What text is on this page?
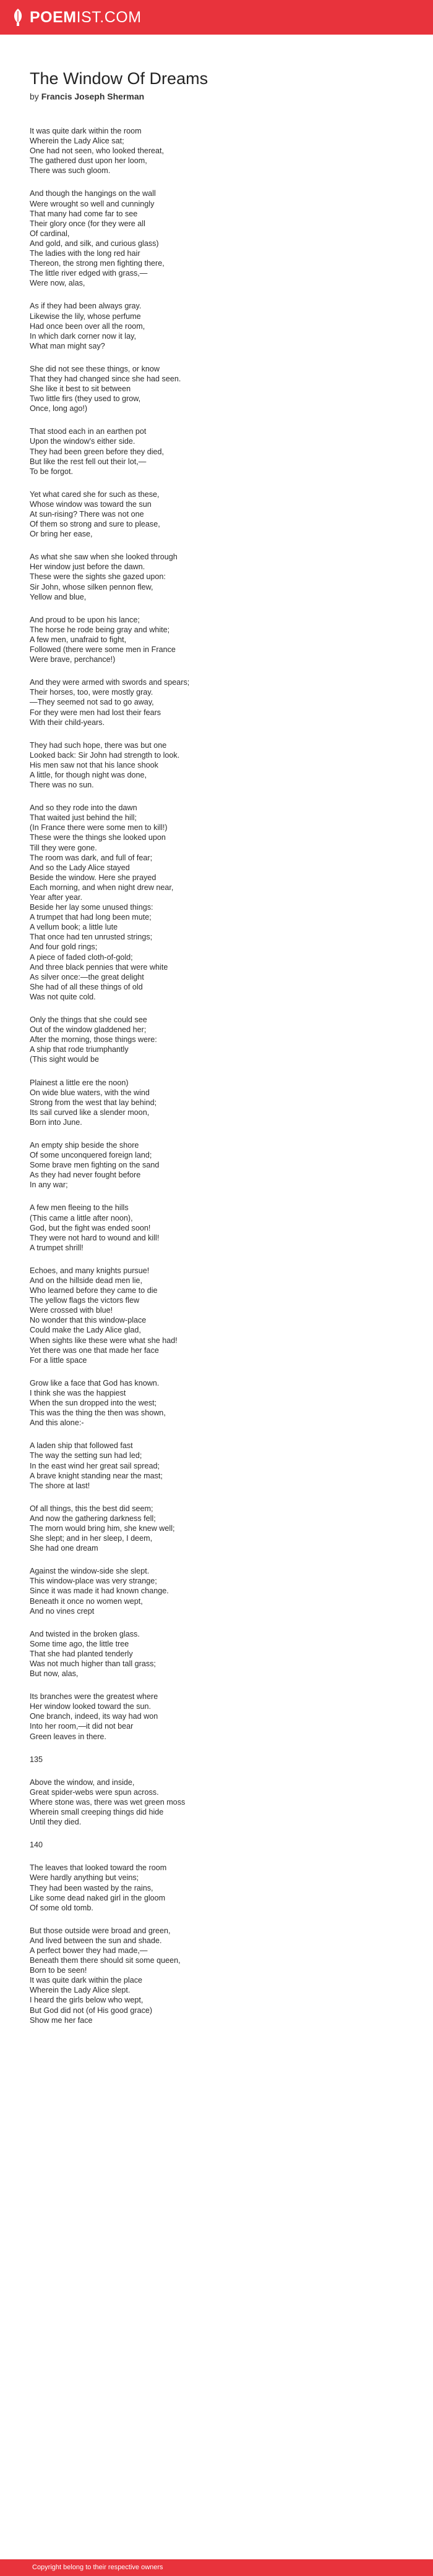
POEMIST.COM
The Window Of Dreams
by Francis Joseph Sherman
It was quite dark within the room
Wherein the Lady Alice sat;
One had not seen, who looked thereat,
The gathered dust upon her loom,
There was such gloom.
And though the hangings on the wall
Were wrought so well and cunningly
That many had come far to see
Their glory once (for they were all
Of cardinal,
And gold, and silk, and curious glass)
The ladies with the long red hair
Thereon, the strong men fighting there,
The little river edged with grass,—
Were now, alas,
As if they had been always gray.
Likewise the lily, whose perfume
Had once been over all the room,
In which dark corner now it lay,
What man might say?
She did not see these things, or know
That they had changed since she had seen.
She like it best to sit between
Two little firs (they used to grow,
Once, long ago!)
That stood each in an earthen pot
Upon the window's either side.
They had been green before they died,
But like the rest fell out their lot,—
To be forgot.
Yet what cared she for such as these,
Whose window was toward the sun
At sun-rising? There was not one
Of them so strong and sure to please,
Or bring her ease,
As what she saw when she looked through
Her window just before the dawn.
These were the sights she gazed upon:
Sir John, whose silken pennon flew,
Yellow and blue,
And proud to be upon his lance;
The horse he rode being gray and white;
A few men, unafraid to fight,
Followed (there were some men in France
Were brave, perchance!)
And they were armed with swords and spears;
Their horses, too, were mostly gray.
—They seemed not sad to go away,
For they were men had lost their fears
With their child-years.
They had such hope, there was but one
Looked back: Sir John had strength to look.
His men saw not that his lance shook
A little, for though night was done,
There was no sun.
And so they rode into the dawn
That waited just behind the hill;
(In France there were some men to kill!)
These were the things she looked upon
Till they were gone.
The room was dark, and full of fear;
And so the Lady Alice stayed
Beside the window. Here she prayed
Each morning, and when night drew near,
Year after year.
Beside her lay some unused things:
A trumpet that had long been mute;
A vellum book; a little lute
That once had ten unrusted strings;
And four gold rings;
A piece of faded cloth-of-gold;
And three black pennies that were white
As silver once:—the great delight
She had of all these things of old
Was not quite cold.
Only the things that she could see
Out of the window gladdened her;
After the morning, those things were:
A ship that rode triumphantly
(This sight would be
Plainest a little ere the noon)
On wide blue waters, with the wind
Strong from the west that lay behind;
Its sail curved like a slender moon,
Born into June.
An empty ship beside the shore
Of some unconquered foreign land;
Some brave men fighting on the sand
As they had never fought before
In any war;
A few men fleeing to the hills
(This came a little after noon),
God, but the fight was ended soon!
They were not hard to wound and kill!
A trumpet shrill!
Echoes, and many knights pursue!
And on the hillside dead men lie,
Who learned before they came to die
The yellow flags the victors flew
Were crossed with blue!
No wonder that this window-place
Could make the Lady Alice glad,
When sights like these were what she had!
Yet there was one that made her face
For a little space
Grow like a face that God has known.
I think she was the happiest
When the sun dropped into the west;
This was the thing the then was shown,
And this alone:-
A laden ship that followed fast
The way the setting sun had led;
In the east wind her great sail spread;
A brave knight standing near the mast;
The shore at last!
Of all things, this the best did seem;
And now the gathering darkness fell;
The morn would bring him, she knew well;
She slept; and in her sleep, I deem,
She had one dream
Against the window-side she slept.
This window-place was very strange;
Since it was made it had known change.
Beneath it once no women wept,
And no vines crept
And twisted in the broken glass.
Some time ago, the little tree
That she had planted tenderly
Was not much higher than tall grass;
But now, alas,
Its branches were the greatest where
Her window looked toward the sun.
One branch, indeed, its way had won
Into her room,—it did not bear
Green leaves in there.
135
Above the window, and inside,
Great spider-webs were spun across.
Where stone was, there was wet green moss
Wherein small creeping things did hide
Until they died.
140
The leaves that looked toward the room
Were hardly anything but veins;
They had been wasted by the rains,
Like some dead naked girl in the gloom
Of some old tomb.
But those outside were broad and green,
And lived between the sun and shade.
A perfect bower they had made,—
Beneath them there should sit some queen,
Born to be seen!
It was quite dark within the place
Wherein the Lady Alice slept.
I heard the girls below who wept,
But God did not (of His good grace)
Show me her face
Copyright belong to their respective owners
